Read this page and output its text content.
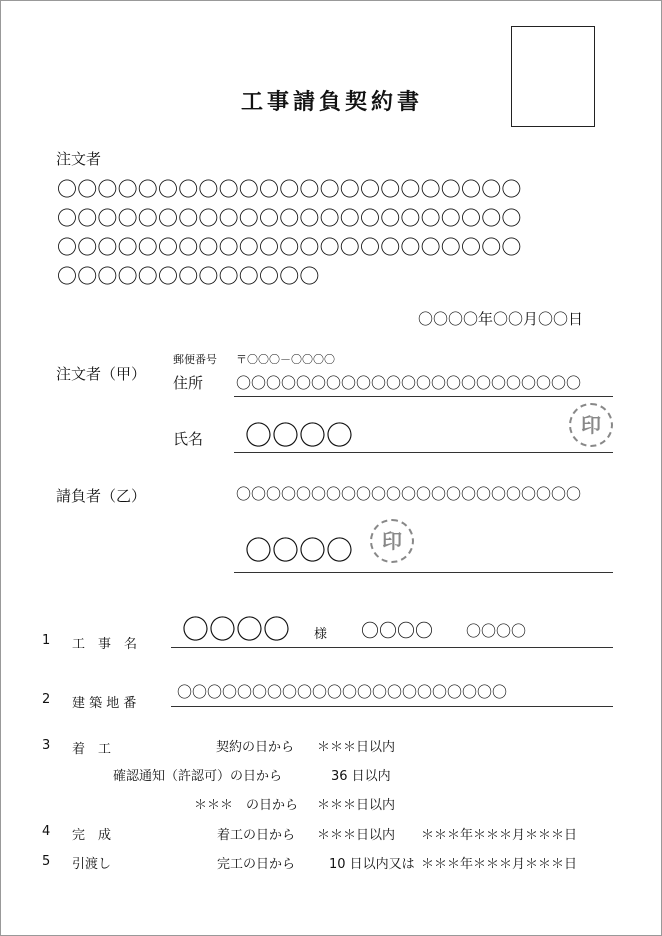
工事請負契約書
注文者
〇〇〇〇〇〇〇〇〇〇〇〇〇〇〇〇〇〇〇〇〇〇〇
〇〇〇〇〇〇〇〇〇〇〇〇〇〇〇〇〇〇〇〇〇〇〇
〇〇〇〇〇〇〇〇〇〇〇〇〇〇〇〇〇〇〇〇〇〇〇
〇〇〇〇〇〇〇〇〇〇〇〇〇
〇〇〇〇年〇〇月〇〇日
注文者（甲）
郵便番号 〒〇〇〇－〇〇〇〇
住所 〇〇〇〇〇〇〇〇〇〇〇〇〇〇〇〇〇〇〇〇〇〇〇
氏名 〇〇〇〇	印
請負者（乙）	〇〇〇〇〇〇〇〇〇〇〇〇〇〇〇〇〇〇〇〇〇〇〇
〇〇〇〇	印
1 工　事　名 〇〇〇〇 様 〇〇〇〇 〇〇〇〇
2 建 築 地 番
〇〇〇〇〇〇〇〇〇〇〇〇〇〇〇〇〇〇〇〇〇〇
3 着　工	契約の日から ＊＊＊日以内
確認通知（許認可）の日から	36 日以内
＊＊＊　の日から ＊＊＊日以内
4 完　成	着工の日から ＊＊＊日以内 ＊＊＊年＊＊＊月＊＊＊日
5 引渡し	完工の日から	10 日以内又は ＊＊＊年＊＊＊月＊＊＊日
